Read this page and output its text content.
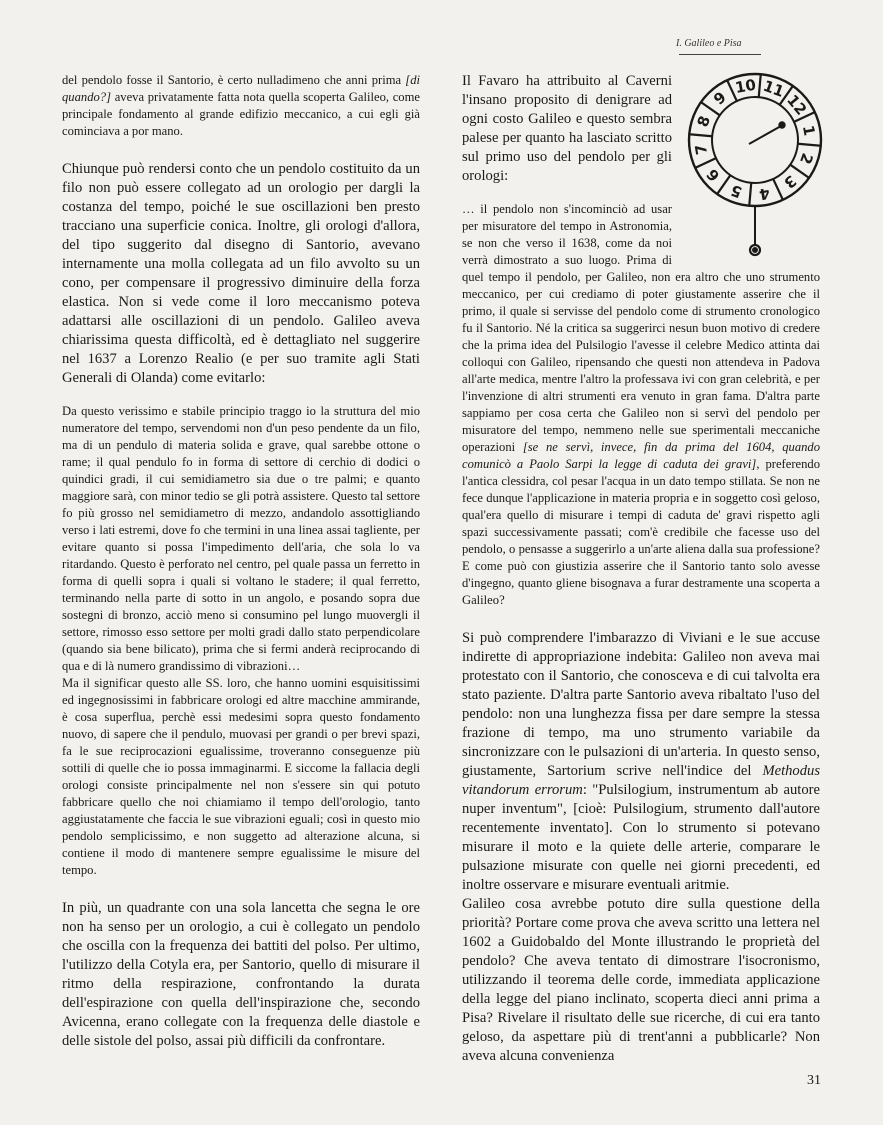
I. Galileo e Pisa

del pendolo fosse il Santorio, è certo nulladimeno che anni prima [di quando?] aveva privatamente fatta nota quella scoperta Galileo, come principale fondamento al grande edifizio meccanico, a cui egli già cominciava a por mano.

Chiunque può rendersi conto che un pendolo costituito da un filo non può essere collegato ad un orologio per dargli la costanza del tempo, poiché le sue oscillazioni ben presto tracciano una superficie conica. Inoltre, gli orologi d'allora, del tipo suggerito dal disegno di Santorio, avevano internamente una molla collegata ad un filo avvolto su un cono, per compensare il progressivo diminuire della forza elastica. Non si vede come il loro meccanismo poteva adattarsi alle oscillazioni di un pendolo. Galileo aveva chiarissima questa difficoltà, ed è dettagliato nel suggerire nel 1637 a Lorenzo Realio (e per suo tramite agli Stati Generali di Olanda) come evitarlo:

Da questo verissimo e stabile principio traggo io la struttura del mio numeratore del tempo, servendomi non d'un peso pendente da un filo, ma di un pendulo di materia solida e grave, qual sarebbe ottone o rame; il qual pendulo fo in forma di settore di cerchio di dodici o quindici gradi, il cui semidiametro sia due o tre palmi; e quanto maggiore sarà, con minor tedio se gli potrà assistere. Questo tal settore fo più grosso nel semidiametro di mezzo, andandolo assottigliando verso i lati estremi, dove fo che termini in una linea assai tagliente, per evitare quanto si possa l'impedimento dell'aria, che sola lo va ritardando. Questo è perforato nel centro, pel quale passa un ferretto in forma di quelli sopra i quali si voltano le stadere; il qual ferretto, terminando nella parte di sotto in un angolo, e posando sopra due sostegni di bronzo, acciò meno si consumino pel lungo muovergli il settore, rimosso esso settore per molti gradi dallo stato perpendicolare (quando sia bene bilicato), prima che si fermi anderà reciprocando di qua e di là numero grandissimo di vibrazioni…

Ma il significar questo alle SS. loro, che hanno uomini esquisitissimi ed ingegnosissimi in fabbricare orologi ed altre macchine ammirande, è cosa superflua, perchè essi medesimi sopra questo fondamento nuovo, di sapere che il pendulo, muovasi per grandi o per brevi spazi, fa le sue reciprocazioni egualissime, troveranno conseguenze più sottili di quelle che io possa immaginarmi. E siccome la fallacia degli orologi consiste principalmente nel non s'essere sin qui potuto fabbricare quello che noi chiamiamo il tempo dell'orologio, tanto aggiustatamente che faccia le sue vibrazioni eguali; così in questo mio pendolo semplicissimo, e non suggetto ad alterazione alcuna, si contiene il modo di mantenere sempre egualissime le misure del tempo.

In più, un quadrante con una sola lancetta che segna le ore non ha senso per un orologio, a cui è collegato un pendolo che oscilla con la frequenza dei battiti del polso. Per ultimo, l'utilizzo della Cotyla era, per Santorio, quello di misurare il ritmo della respirazione, confrontando la durata dell'espirazione con quella dell'inspirazione che, secondo Avicenna, erano collegate con la frequenza delle diastole e delle sistole del polso, assai più difficili da confrontare.

10 11
12
1
2
3
4
5
6
7
8
9

Il Favaro ha attribuito al Caverni l'insano proposito di denigrare ad ogni costo Galileo e questo sembra palese per quanto ha lasciato scritto sul primo uso del pendolo per gli orologi:

… il pendolo non s'incominciò ad usar per misuratore del tempo in Astronomia, se non che verso il 1638, come da noi verrà dimostrato a suo luogo. Prima di quel tempo il pendolo, per Galileo, non era altro che uno strumento meccanico, per cui crediamo di poter giustamente asserire che il primo, il quale si servisse del pendolo come di strumento cronologico fu il Santorio. Né la critica sa suggerirci nesun buon motivo di credere che la prima idea del Pulsilogio l'avesse il celebre Medico attinta dai colloqui con Galileo, ripensando che questi non attendeva in Padova all'arte medica, mentre l'altro la professava ivi con gran celebrità, e per l'invenzione di altri strumenti era venuto in gran fama. D'altra parte sappiamo per cosa certa che Galileo non si servì del pendolo per misuratore del tempo, nemmeno nelle sue sperimentali meccaniche operazioni [se ne servì, invece, fin da prima del 1604, quando comunicò a Paolo Sarpi la legge di caduta dei gravi], preferendo l'antica clessidra, col pesar l'acqua in un dato tempo stillata. Se non ne fece dunque l'applicazione in materia propria e in soggetto così geloso, qual'era quello di misurare i tempi di caduta de' gravi rispetto agli spazi successivamente passati; com'è credibile che facesse uso del pendolo, o pensasse a suggerirlo a un'arte aliena dalla sua professione? E come può con giustizia asserire che il Santorio tanto solo avesse d'ingegno, quanto gliene bisognava a furar destramente una scoperta a Galileo?

Si può comprendere l'imbarazzo di Viviani e le sue accuse indirette di appropriazione indebita: Galileo non aveva mai protestato con il Santorio, che conosceva e di cui talvolta era stato paziente. D'altra parte Santorio aveva ribaltato l'uso del pendolo: non una lunghezza fissa per dare sempre la stessa frazione di tempo, ma uno strumento variabile da sincronizzare con le pulsazioni di un'arteria. In questo senso, giustamente, Sartorium scrive nell'indice del Methodus vitandorum errorum: "Pulsilogium, instrumentum ab autore nuper inventum", [cioè: Pulsilogium, strumento dall'autore recentemente inventato]. Con lo strumento si potevano misurare il moto e la quiete delle arterie, comparare le pulsazione misurate con quelle nei giorni precedenti, ed inoltre osservare e misurare eventuali aritmie.

Galileo cosa avrebbe potuto dire sulla questione della priorità? Portare come prova che aveva scritto una lettera nel 1602 a Guidobaldo del Monte illustrando le proprietà del pendolo? Che aveva tentato di dimostrare l'isocronismo, utilizzando il teorema delle corde, immediata applicazione della legge del piano inclinato, scoperta dieci anni prima a Pisa? Rivelare il risultato delle sue ricerche, di cui era tanto geloso, da aspettare più di trent'anni a pubblicarle? Non aveva alcuna convenienza

31
